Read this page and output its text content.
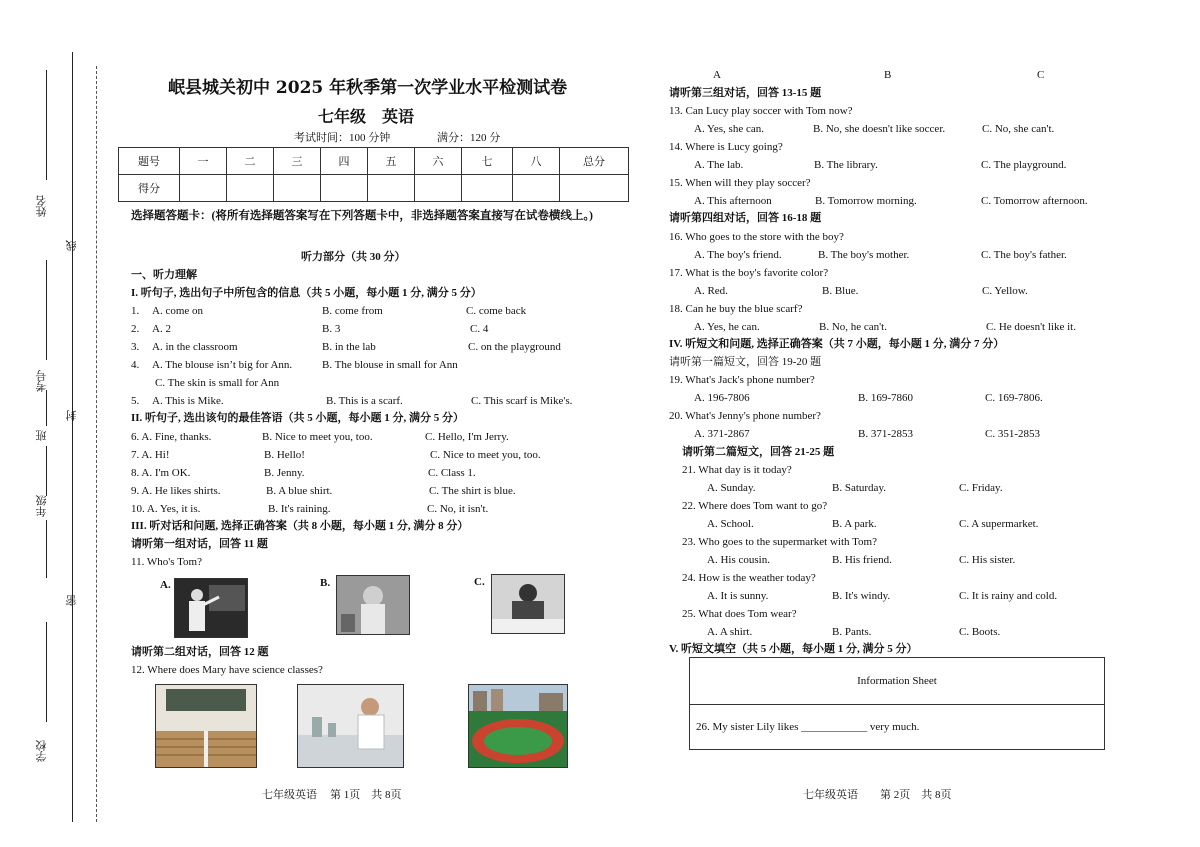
姓名
线
考号
班
封
年级
密
学校
岷县城关初中 2025 年秋季第一次学业水平检测试卷
七年级　英语
考试时间：100 分钟	满分：120 分
题号	一	二	三	四	五	六	七	八	总分
得分									
选择题答题卡：(将所有选择题答案写在下列答题卡中，非选择题答案直接写在试卷横线上。)
听力部分（共 30 分）
一、听力理解
I. 听句子, 选出句子中所包含的信息（共 5 小题，每小题 1 分, 满分 5 分）
1. A. come on	B. come from	C. come back
2. A. 2	B. 3	C. 4
3. A. in the classroom	B. in the lab	C. on the playground
4. A. The blouse isn’t big for Ann.	B. The blouse in small for Ann
C. The skin is small for Ann
5. A. This is Mike.	B. This is a scarf.	C. This scarf is Mike's.
II. 听句子, 选出该句的最佳答语（共 5 小题，每小题 1 分, 满分 5 分）
6. A. Fine, thanks.	B. Nice to meet you, too.	C. Hello, I'm Jerry.
7. A. Hi!	B. Hello!	C. Nice to meet you, too.
8. A. I'm OK.	B. Jenny.	C. Class 1.
9. A. He likes shirts.	B. A blue shirt.	C. The shirt is blue.
10. A. Yes, it is.	B. It's raining.	C. No, it isn't.
III. 听对话和问题, 选择正确答案（共 8 小题，每小题 1 分, 满分 8 分）
请听第一组对话，回答 11 题
11. Who's Tom?
A.	B.	C.
请听第二组对话，回答 12 题
12. Where does Mary have science classes?
七年级英语 第 1页　共 8页
A	B	C
请听第三组对话，回答 13-15 题
13. Can Lucy play soccer with Tom now?
A. Yes, she can.	B. No, she doesn't like soccer.	C. No, she can't.
14. Where is Lucy going?
A. The lab.	B. The library.	C. The playground.
15. When will they play soccer?
A. This afternoon	B. Tomorrow morning.	C. Tomorrow afternoon.
请听第四组对话，回答 16-18 题
16. Who goes to the store with the boy?
A. The boy's friend.	B. The boy's mother.	C. The boy's father.
17. What is the boy's favorite color?
A. Red.	B. Blue.	C. Yellow.
18. Can he buy the blue scarf?
A. Yes, he can.	B. No, he can't.	C. He doesn't like it.
IV. 听短文和问题, 选择正确答案（共 7 小题，每小题 1 分, 满分 7 分）
请听第一篇短文，回答 19-20 题
19. What's Jack's phone number?
A. 196-7806	B. 169-7860	C. 169-7806.
20. What's Jenny's phone number?
A. 371-2867	B. 371-2853	C. 351-2853
请听第二篇短文，回答 21-25 题
21. What day is it today?
A. Sunday.	B. Saturday.	C. Friday.
22. Where does Tom want to go?
A. School.	B. A park.	C. A supermarket.
23. Who goes to the supermarket with Tom?
A. His cousin.	B. His friend.	C. His sister.
24. How is the weather today?
A. It is sunny.	B. It's windy.	C. It is rainy and cold.
25. What does Tom wear?
A. A shirt.	B. Pants.	C. Boots.
V. 听短文填空（共 5 小题，每小题 1 分, 满分 5 分）
Information Sheet
26. My sister Lily likes ____________ very much.
七年级英语 第 2页　共 8页
